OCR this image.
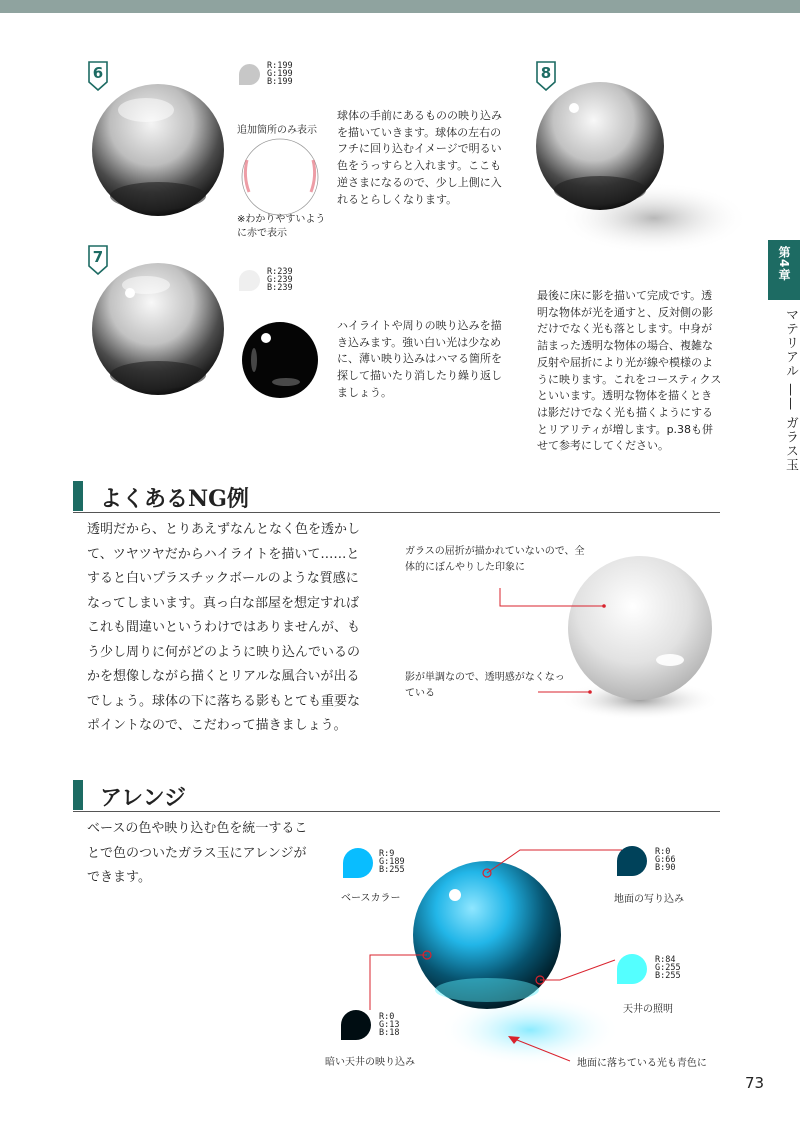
第4章
マテリアル —— ガラス玉
6	R:199
G:199
B:199
追加箇所のみ表示
※わかりやすいように赤で表示
球体の手前にあるものの映り込みを描いていきます。球体の左右のフチに回り込むイメージで明るい色をうっすらと入れます。ここも逆さまになるので、少し上側に入れるとらしくなります。
7
R:239
G:239
B:239
ハイライトや周りの映り込みを描き込みます。強い白い光は少なめに、薄い映り込みはハマる箇所を探して描いたり消したり繰り返しましょう。
8
最後に床に影を描いて完成です。透明な物体が光を通すと、反対側の影だけでなく光も落とします。中身が詰まった透明な物体の場合、複雑な反射や屈折により光が線や模様のように映ります。これをコースティクスといいます。透明な物体を描くときは影だけでなく光も描くようにするとリアリティが増します。p.38も併せて参考にしてください。
よくあるNG例
透明だから、とりあえずなんとなく色を透かして、ツヤツヤだからハイライトを描いて……とすると白いプラスチックボールのような質感になってしまいます。真っ白な部屋を想定すればこれも間違いというわけではありませんが、もう少し周りに何がどのように映り込んでいるのかを想像しながら描くとリアルな風合いが出るでしょう。球体の下に落ちる影もとても重要なポイントなので、こだわって描きましょう。
ガラスの屈折が描かれていないので、全体的にぼんやりした印象に
影が単調なので、透明感がなくなっている
アレンジ
ベースの色や映り込む色を統一することで色のついたガラス玉にアレンジができます。
R:9
G:189
B:255
ベースカラー
R:0
G:66
B:90
地面の写り込み
R:84
G:255
B:255
天井の照明
R:0
G:13
B:18
暗い天井の映り込み	地面に落ちている光も青色に
73
